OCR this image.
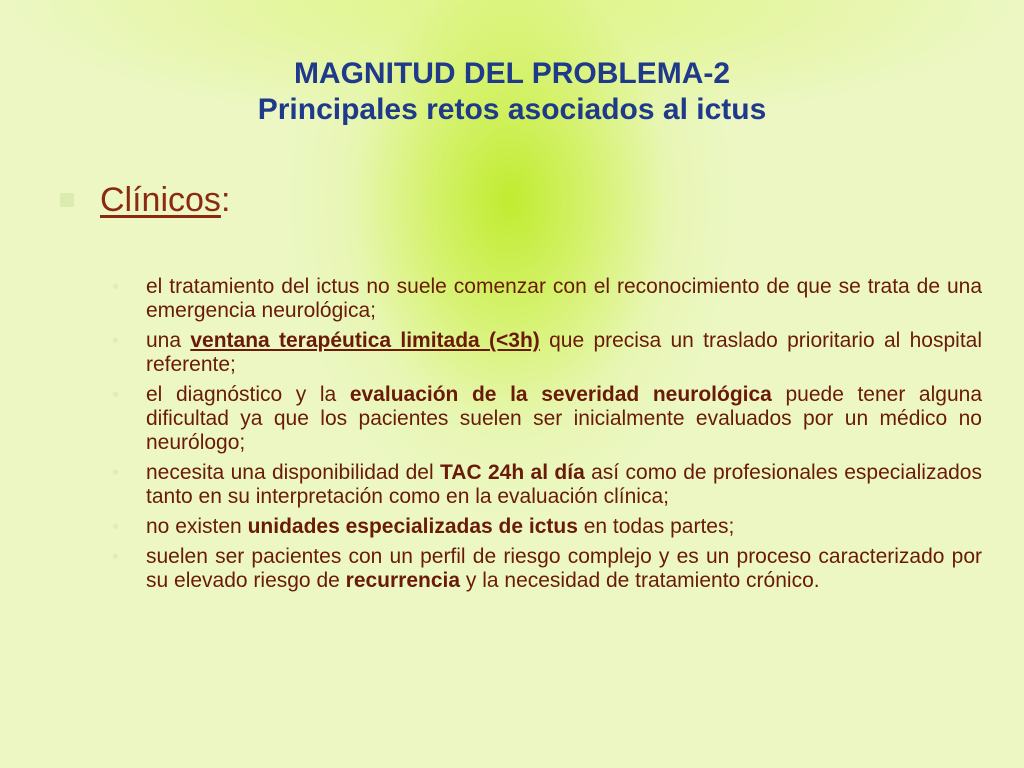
MAGNITUD DEL PROBLEMA-2
Principales retos asociados al ictus
Clínicos:
• el tratamiento del ictus no suele comenzar con el reconocimiento de que se trata de una emergencia neurológica;
• una ventana terapéutica limitada (<3h) que precisa un traslado prioritario al hospital referente;
• el diagnóstico y la evaluación de la severidad neurológica puede tener alguna dificultad ya que los pacientes suelen ser inicialmente evaluados por un médico no neurólogo;
• necesita una disponibilidad del TAC 24h al día así como de profesionales especializados tanto en su interpretación como en la evaluación clínica;
• no existen unidades especializadas de ictus en todas partes;
• suelen ser pacientes con un perfil de riesgo complejo y es un proceso caracterizado por su elevado riesgo de recurrencia y la necesidad de tratamiento crónico.
